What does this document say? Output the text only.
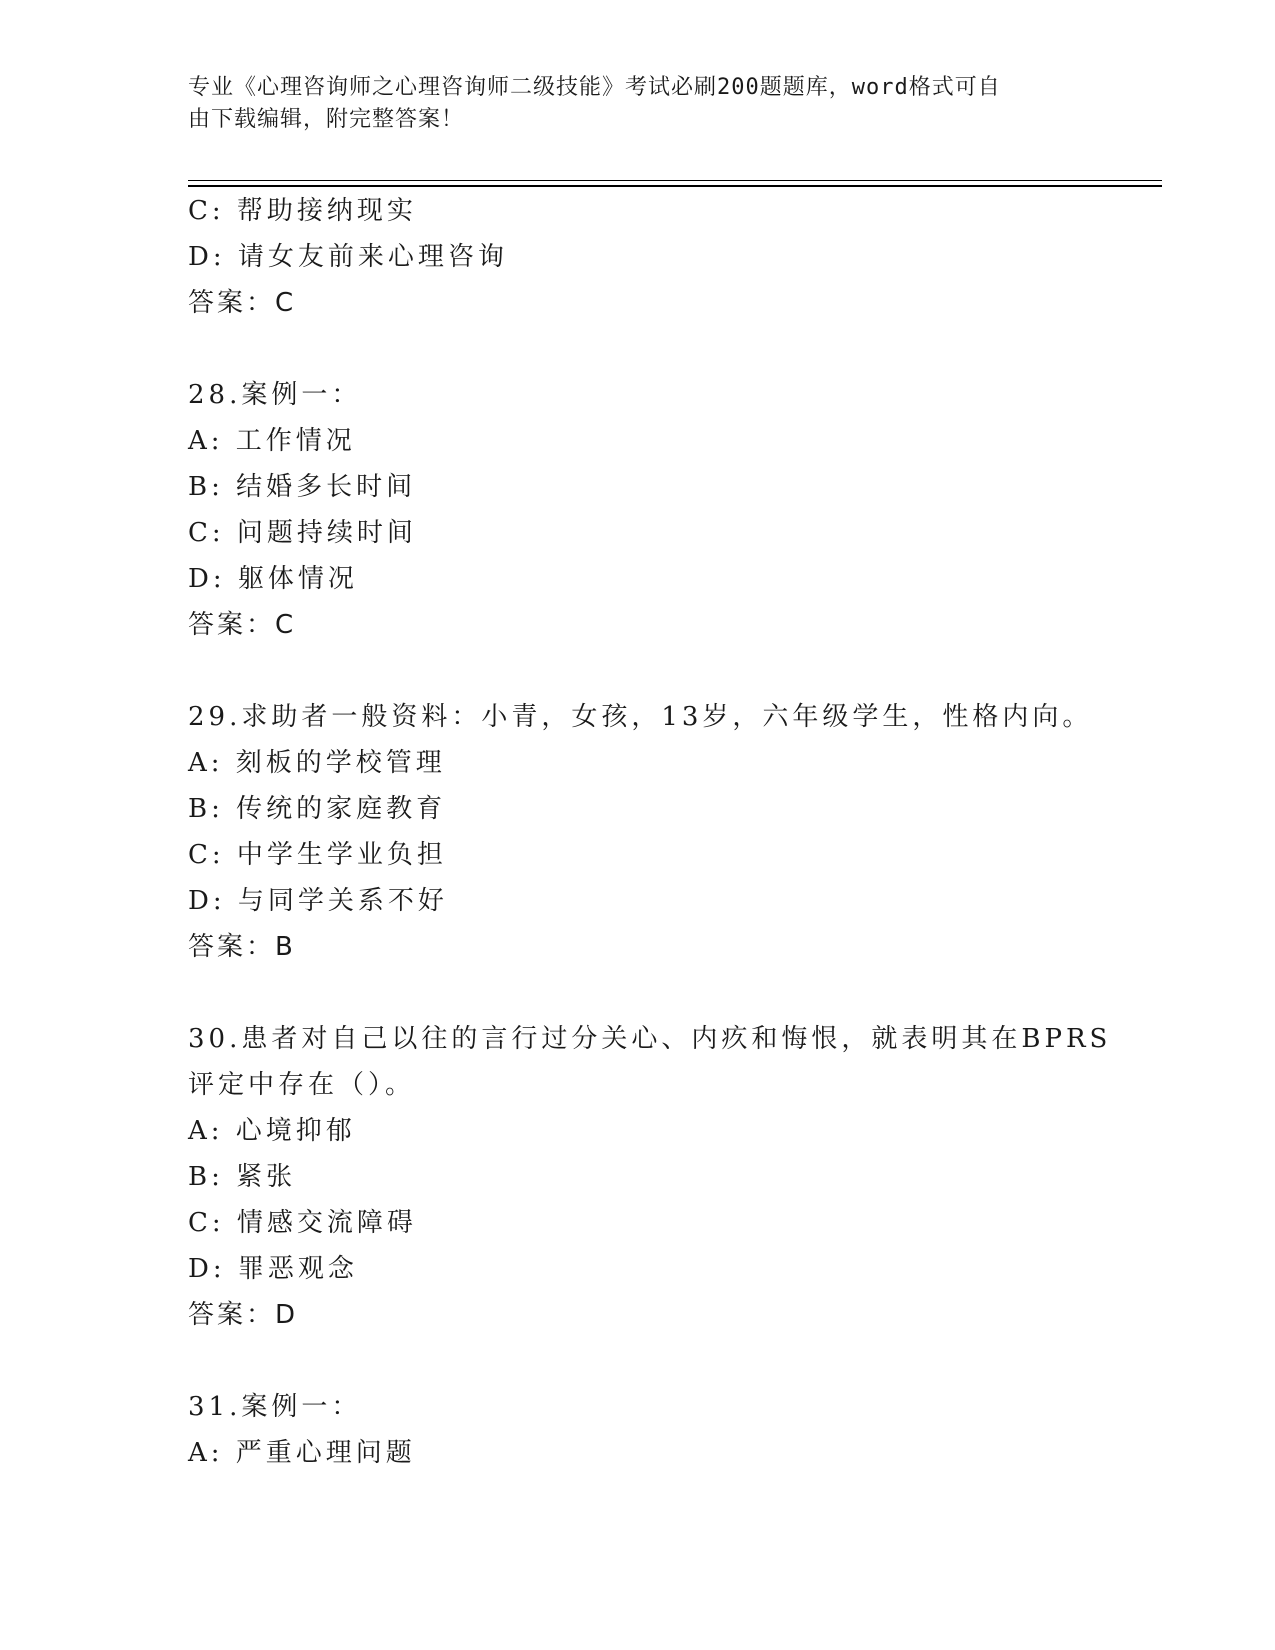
专业《心理咨询师之心理咨询师二级技能》考试必刷200题题库，word格式可自
由下载编辑，附完整答案！
C: 帮助接纳现实
D: 请女友前来心理咨询
答案：C
28.案例一：
A: 工作情况
B: 结婚多长时间
C: 问题持续时间
D: 躯体情况
答案：C
29.求助者一般资料：小青，女孩，13岁，六年级学生，性格内向。
A: 刻板的学校管理
B: 传统的家庭教育
C: 中学生学业负担
D: 与同学关系不好
答案：B
30.患者对自己以往的言行过分关心、内疚和悔恨，就表明其在BPRS
评定中存在（）。
A: 心境抑郁
B: 紧张
C: 情感交流障碍
D: 罪恶观念
答案：D
31.案例一：
A: 严重心理问题
